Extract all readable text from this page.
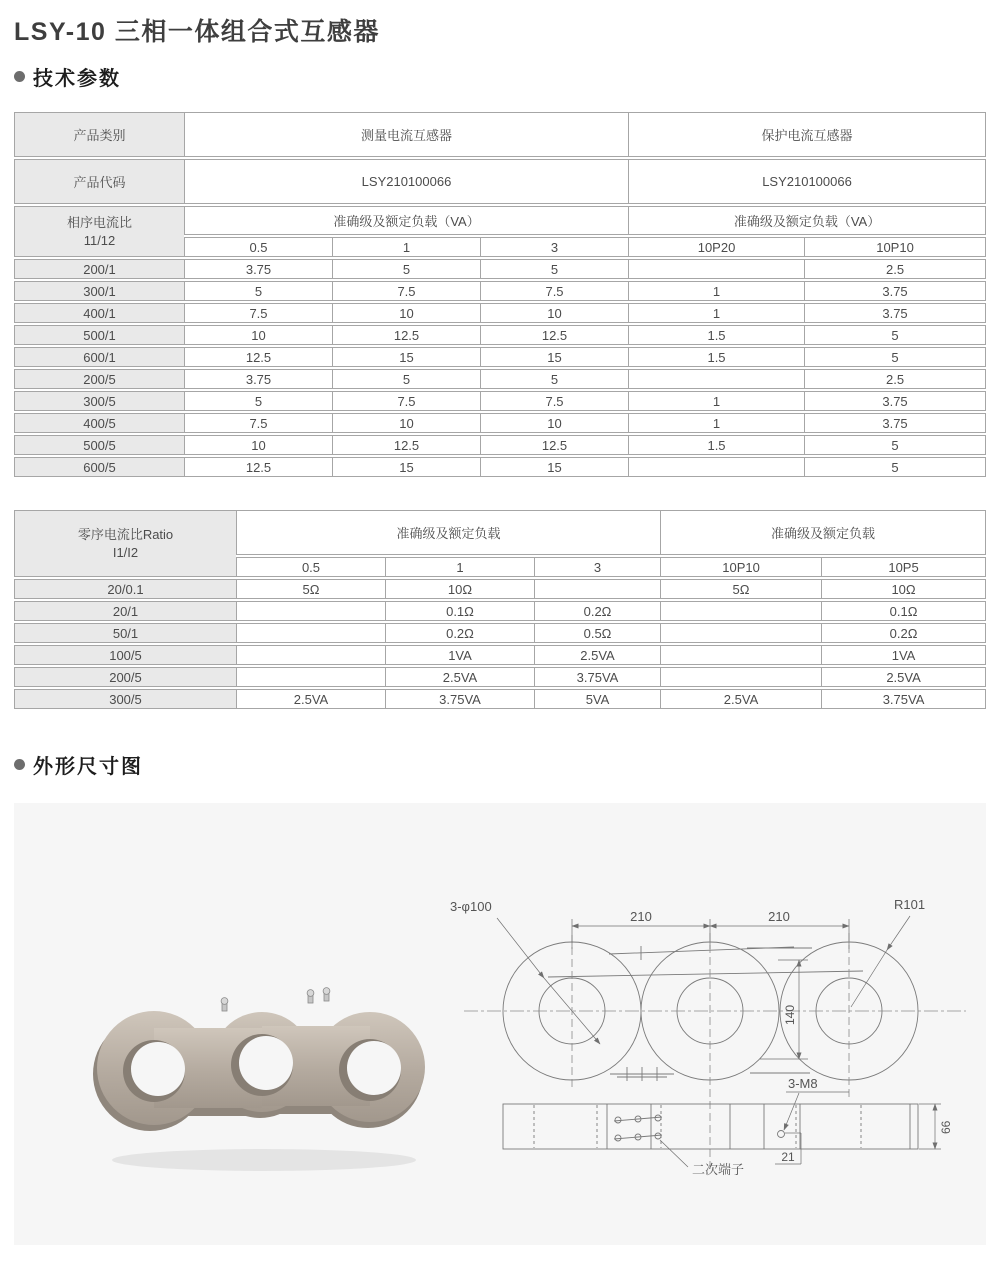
LSY-10 三相一体组合式互感器
技术参数
产品类别	测量电流互感器			保护电流互感器	
产品代码	LSY210100066			LSY210100066	

相序电流比
11/12	准确级及额定负载（VA）			准确级及额定负载（VA）	
	0.5	1	3	10P20	10P10
200/1	3.75	5	5		2.5
300/1	5	7.5	7.5	1	3.75
400/1	7.5	10	10	1	3.75
500/1	10	12.5	12.5	1.5	5
600/1	12.5	15	15	1.5	5
200/5	3.75	5	5		2.5
300/5	5	7.5	7.5	1	3.75
400/5	7.5	10	10	1	3.75
500/5	10	12.5	12.5	1.5	5
600/5	12.5	15	15		5
零序电流比Ratio
I1/I2	准确级及额定负载			准确级及额定负载	
	0.5	1	3	10P10	10P5
20/0.1	5Ω	10Ω		5Ω	10Ω
20/1		0.1Ω	0.2Ω		0.1Ω
50/1		0.2Ω	0.5Ω		0.2Ω
100/5		1VA	2.5VA		1VA
200/5		2.5VA	3.75VA		2.5VA
300/5	2.5VA	3.75VA	5VA	2.5VA	3.75VA
外形尺寸图
3-φ100	R101
210	210
140
3-M8
二次端子
21
66
